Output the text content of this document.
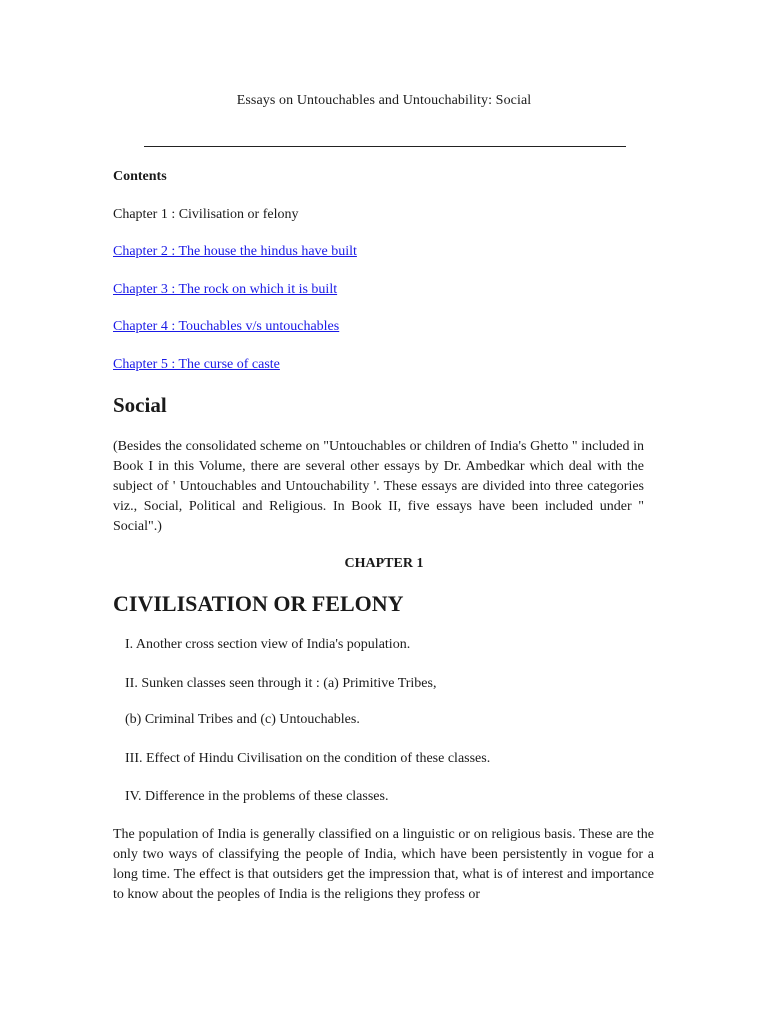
Essays on Untouchables and Untouchability: Social
Contents
Chapter 1 : Civilisation or felony
Chapter 2 : The house the hindus have built
Chapter 3 : The rock on which it is built
Chapter 4 : Touchables v/s untouchables
Chapter 5 : The curse of caste
Social
(Besides the consolidated scheme on "Untouchables or children of India's Ghetto " included in Book I in this Volume, there are several other essays by Dr. Ambedkar which deal with the subject of ' Untouchables and Untouchability '. These essays are divided into three categories viz., Social, Political and Religious. In Book II, five essays have been included under " Social".)
CHAPTER 1
CIVILISATION OR FELONY
I. Another cross section view of India's population.
II. Sunken classes seen through it : (a) Primitive Tribes,
(b) Criminal Tribes and (c) Untouchables.
III. Effect of Hindu Civilisation on the condition of these classes.
IV. Difference in the problems of these classes.
The population of India is generally classified on a linguistic or on religious basis. These are the only two ways of classifying the people of India, which have been persistently in vogue for a long time. The effect is that outsiders get the impression that, what is of interest and importance to know about the peoples of India is the religions they profess or
